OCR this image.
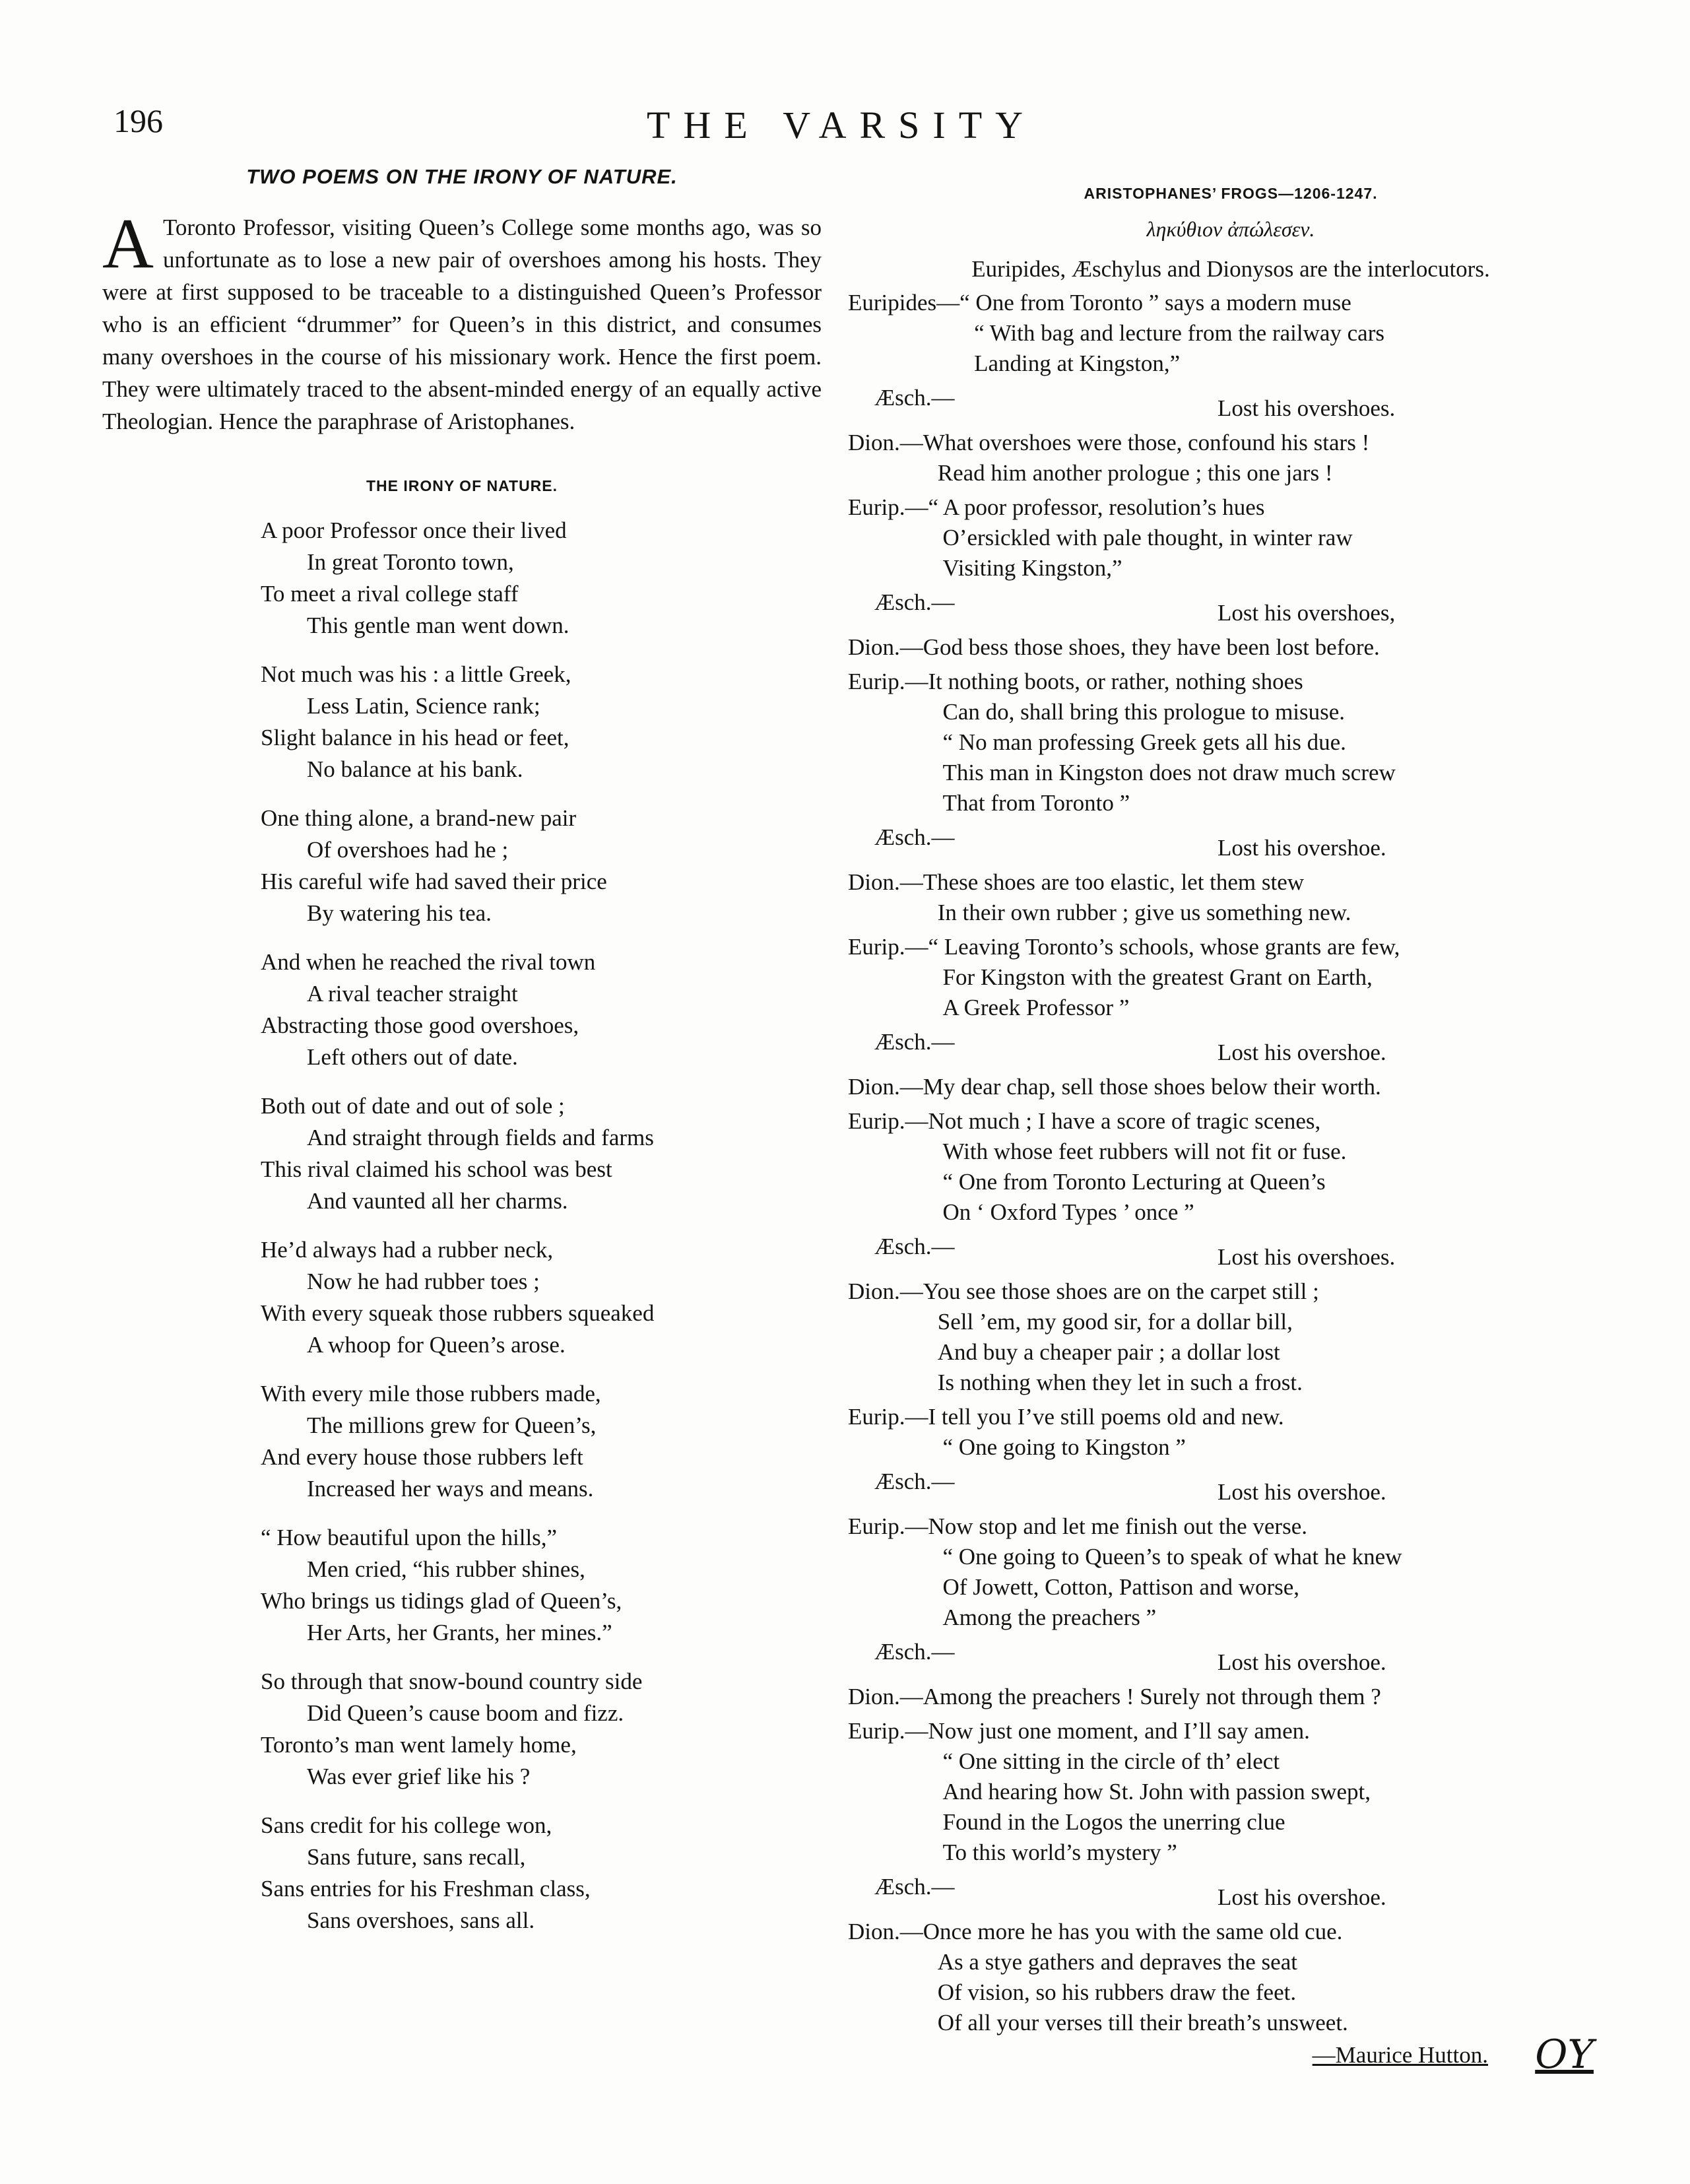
196	THE VARSITY
TWO POEMS ON THE IRONY OF NATURE.
A Toronto Professor, visiting Queen’s College some months ago, was so unfortunate as to lose a new pair of overshoes among his hosts. They were at first supposed to be traceable to a distinguished Queen’s Professor who is an efficient “drummer” for Queen’s in this district, and consumes many overshoes in the course of his missionary work. Hence the first poem. They were ultimately traced to the absent-minded energy of an equally active Theologian. Hence the paraphrase of Aristophanes.
THE IRONY OF NATURE.
A poor Professor once their lived
In great Toronto town,
To meet a rival college staff
This gentle man went down.
Not much was his : a little Greek,
Less Latin, Science rank;
Slight balance in his head or feet,
No balance at his bank.
One thing alone, a brand-new pair
Of overshoes had he ;
His careful wife had saved their price
By watering his tea.
And when he reached the rival town
A rival teacher straight
Abstracting those good overshoes,
Left others out of date.
Both out of date and out of sole ;
And straight through fields and farms
This rival claimed his school was best
And vaunted all her charms.
He’d always had a rubber neck,
Now he had rubber toes ;
With every squeak those rubbers squeaked
A whoop for Queen’s arose.
With every mile those rubbers made,
The millions grew for Queen’s,
And every house those rubbers left
Increased her ways and means.
“ How beautiful upon the hills,”
Men cried, “his rubber shines,
Who brings us tidings glad of Queen’s,
Her Arts, her Grants, her mines.”
So through that snow-bound country side
Did Queen’s cause boom and fizz.
Toronto’s man went lamely home,
Was ever grief like his ?
Sans credit for his college won,
Sans future, sans recall,
Sans entries for his Freshman class,
Sans overshoes, sans all.
ARISTOPHANES’ FROGS—1206-1247.
ληκύθιον ἀπώλεσεν.
Euripides, Æschylus and Dionysos are the interlocutors.
Euripides— “ One from Toronto ” says a modern muse
“ With bag and lecture from the railway cars
Landing at Kingston,”
Æsch.—	Lost his overshoes.
Dion.— What overshoes were those, confound his stars !
Read him another prologue ; this one jars !
Eurip.— “ A poor professor, resolution’s hues
O’ersickled with pale thought, in winter raw
Visiting Kingston,”
Æsch.—	Lost his overshoes,
Dion.— God bess those shoes, they have been lost before.
Eurip.— It nothing boots, or rather, nothing shoes
Can do, shall bring this prologue to misuse.
“ No man professing Greek gets all his due.
This man in Kingston does not draw much screw
That from Toronto ”
Æsch.—	Lost his overshoe.
Dion.— These shoes are too elastic, let them stew
In their own rubber ; give us something new.
Eurip.— “ Leaving Toronto’s schools, whose grants are few,
For Kingston with the greatest Grant on Earth,
A Greek Professor ”
Æsch.—	Lost his overshoe.
Dion.— My dear chap, sell those shoes below their worth.
Eurip.— Not much ; I have a score of tragic scenes,
With whose feet rubbers will not fit or fuse.
“ One from Toronto Lecturing at Queen’s
On ‘ Oxford Types ’ once ”
Æsch.—	Lost his overshoes.
Dion.— You see those shoes are on the carpet still ;
Sell ’em, my good sir, for a dollar bill,
And buy a cheaper pair ; a dollar lost
Is nothing when they let in such a frost.
Eurip.— I tell you I’ve still poems old and new.
“ One going to Kingston ”
Æsch.—	Lost his overshoe.
Eurip.— Now stop and let me finish out the verse.
“ One going to Queen’s to speak of what he knew
Of Jowett, Cotton, Pattison and worse,
Among the preachers ”
Æsch.—	Lost his overshoe.
Dion.— Among the preachers ! Surely not through them ?
Eurip.— Now just one moment, and I’ll say amen.
“ One sitting in the circle of th’ elect
And hearing how St. John with passion swept,
Found in the Logos the unerring clue
To this world’s mystery ”
Æsch.—	Lost his overshoe.
Dion.— Once more he has you with the same old cue.
As a stye gathers and depraves the seat
Of vision, so his rubbers draw the feet.
Of all your verses till their breath’s unsweet.
—Maurice Hutton. OY
